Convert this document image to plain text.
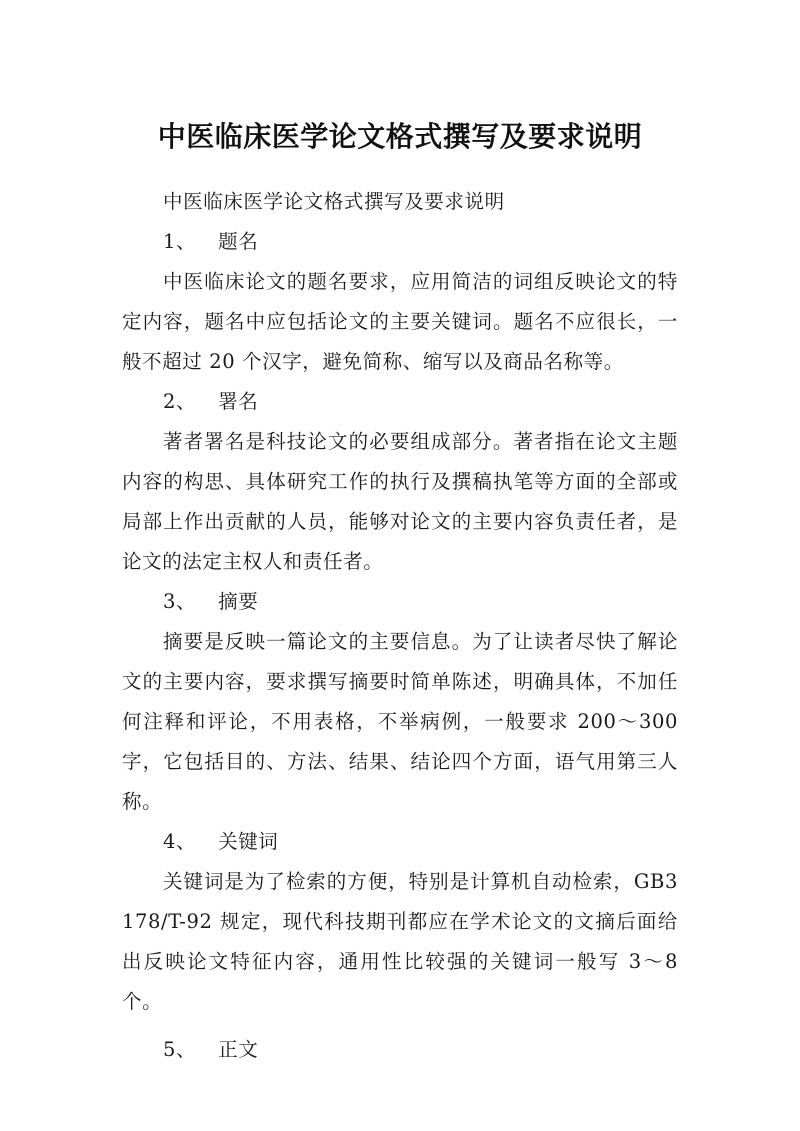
中医临床医学论文格式撰写及要求说明

中医临床医学论文格式撰写及要求说明

1、 题名

中医临床论文的题名要求，应用简洁的词组反映论文的特定内容，题名中应包括论文的主要关键词。题名不应很长，一般不超过 20 个汉字，避免简称、缩写以及商品名称等。

2、 署名

著者署名是科技论文的必要组成部分。著者指在论文主题内容的构思、具体研究工作的执行及撰稿执笔等方面的全部或局部上作出贡献的人员，能够对论文的主要内容负责任者，是论文的法定主权人和责任者。

3、 摘要

摘要是反映一篇论文的主要信息。为了让读者尽快了解论文的主要内容，要求撰写摘要时简单陈述，明确具体，不加任何注释和评论，不用表格，不举病例，一般要求 200～300字，它包括目的、方法、结果、结论四个方面，语气用第三人称。

4、 关键词

关键词是为了检索的方便，特别是计算机自动检索，GB3178/T-92 规定，现代科技期刊都应在学术论文的文摘后面给出反映论文特征内容，通用性比较强的关键词一般写 3～8 个。

5、 正文
